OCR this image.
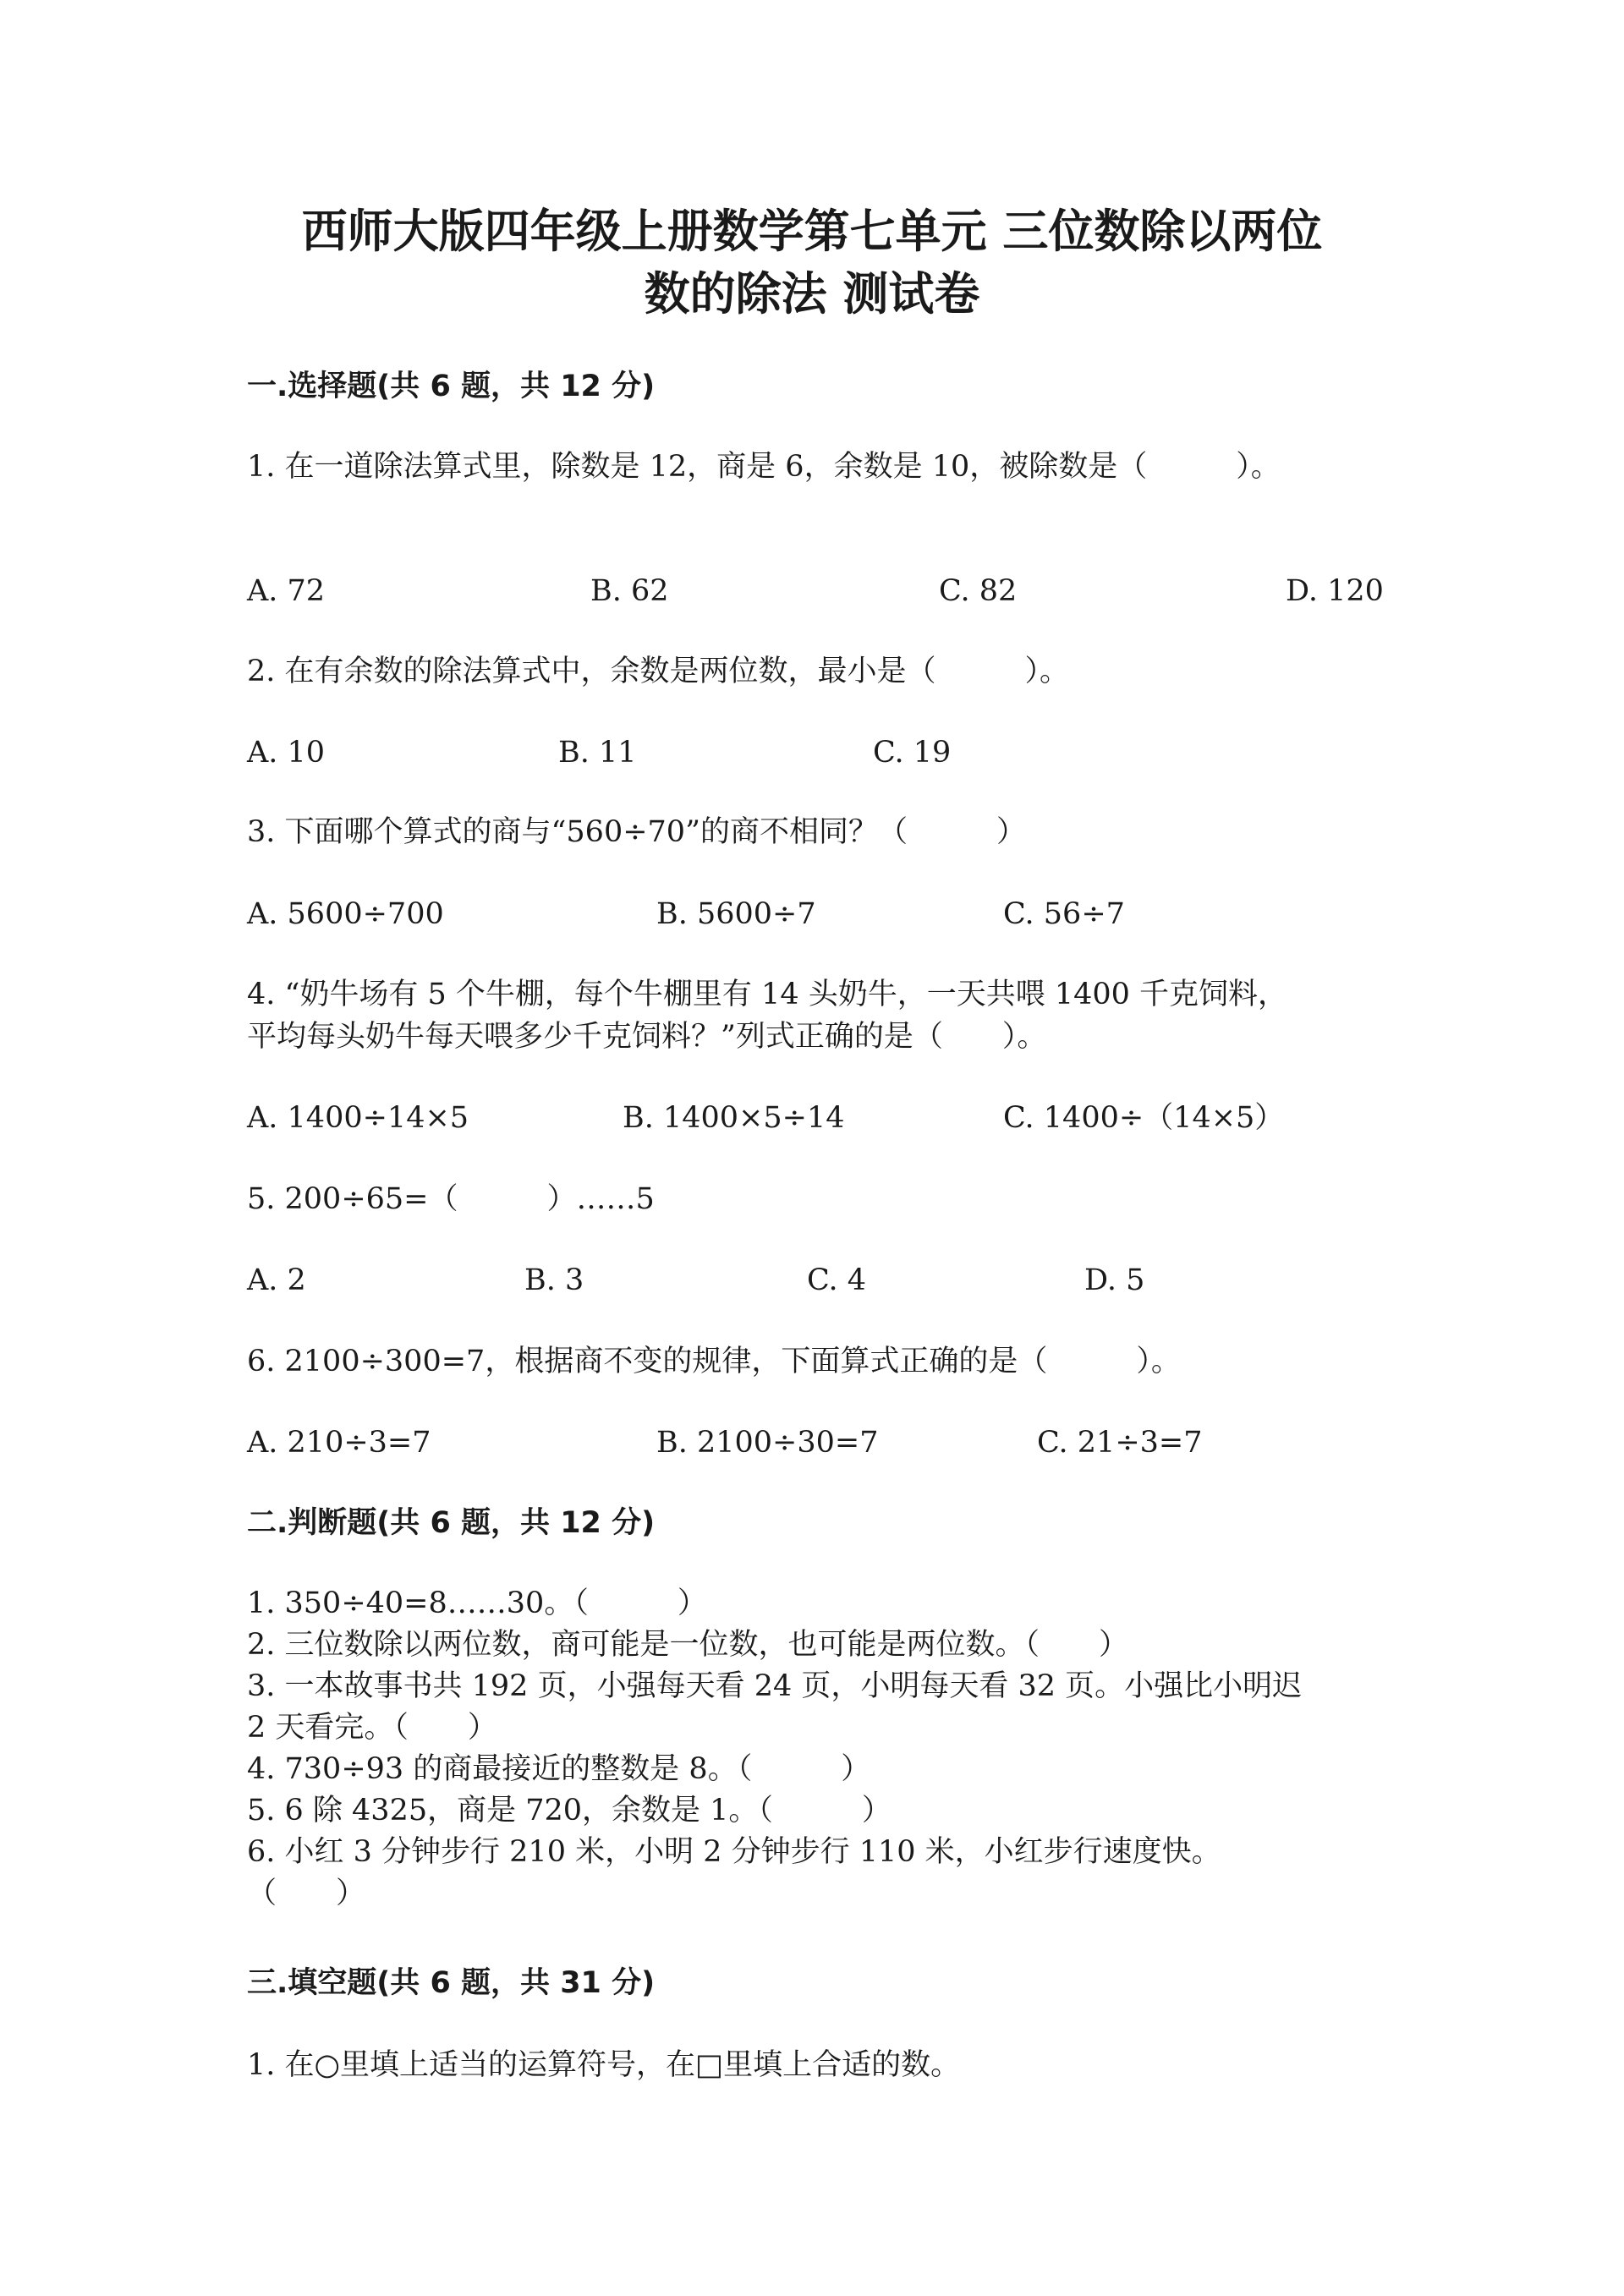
西师大版四年级上册数学第七单元 三位数除以两位
数的除法 测试卷
一.选择题(共 6 题，共 12 分)
1. 在一道除法算式里，除数是 12，商是 6，余数是 10，被除数是（　　　）。
A. 72	B. 62	C. 82	D. 120
2. 在有余数的除法算式中，余数是两位数，最小是（　　　）。
A. 10	B. 11	C. 19
3. 下面哪个算式的商与“560÷70”的商不相同？（　　　）
A. 5600÷700	B. 5600÷7	C. 56÷7
4. “奶牛场有 5 个牛棚，每个牛棚里有 14 头奶牛，一天共喂 1400 千克饲料，
平均每头奶牛每天喂多少千克饲料？”列式正确的是（　　）。
A. 1400÷14×5	B. 1400×5÷14	C. 1400÷（14×5）
5. 200÷65=（　　　）……5
A. 2	B. 3	C. 4	D. 5
6. 2100÷300=7，根据商不变的规律，下面算式正确的是（　　　）。
A. 210÷3=7	B. 2100÷30=7	C. 21÷3=7
二.判断题(共 6 题，共 12 分)
1. 350÷40=8……30。（　　　）
2. 三位数除以两位数，商可能是一位数，也可能是两位数。（　　）
3. 一本故事书共 192 页，小强每天看 24 页，小明每天看 32 页。小强比小明迟
2 天看完。（　　）
4. 730÷93 的商最接近的整数是 8。（　　　）
5. 6 除 4325，商是 720，余数是 1。（　　　）
6. 小红 3 分钟步行 210 米，小明 2 分钟步行 110 米，小红步行速度快。
（　　）
三.填空题(共 6 题，共 31 分)
1. 在○里填上适当的运算符号，在□里填上合适的数。
